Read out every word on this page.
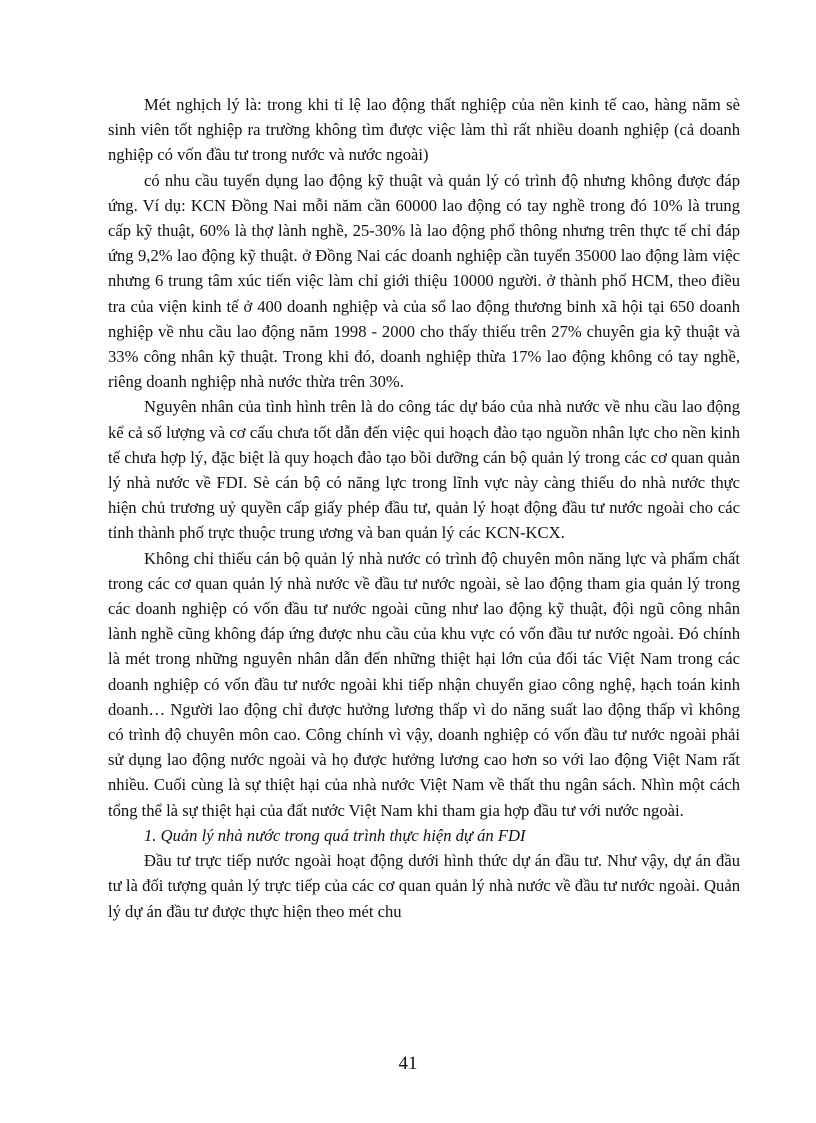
Mét nghịch lý là: trong khi tỉ lệ lao động thất nghiệp của nền kinh tế cao, hàng năm sè sinh viên tốt nghiệp ra trường không tìm được việc làm thì rất nhiều doanh nghiệp (cả doanh nghiệp có vốn đầu tư trong nước và nước ngoài)

có nhu cầu tuyển dụng lao động kỹ thuật và quản lý có trình độ nhưng không được đáp ứng. Ví dụ: KCN Đồng Nai mỗi năm cần 60000 lao động có tay nghề trong đó 10% là trung cấp kỹ thuật, 60% là thợ lành nghề, 25-30% là lao động phổ thông nhưng trên thực tế chỉ đáp ứng 9,2% lao động kỹ thuật. ở Đồng Nai các doanh nghiệp cần tuyển 35000 lao động làm việc nhưng 6 trung tâm xúc tiến việc làm chỉ giới thiệu 10000 người. ở thành phố HCM, theo điều tra của viện kinh tế ở 400 doanh nghiệp và của sổ lao động thương binh xã hội tại 650 doanh nghiệp về nhu cầu lao động năm 1998 - 2000 cho thấy thiếu trên 27% chuyên gia kỹ thuật và 33% công nhân kỹ thuật. Trong khi đó, doanh nghiệp thừa 17% lao động không có tay nghề, riêng doanh nghiệp nhà nước thừa trên 30%.

Nguyên nhân của tình hình trên là do công tác dự báo của nhà nước về nhu cầu lao động kể cả số lượng và cơ cấu chưa tốt dẫn đến việc qui hoạch đào tạo nguồn nhân lực cho nền kinh tế chưa hợp lý, đặc biệt là quy hoạch đào tạo bồi dưỡng cán bộ quản lý trong các cơ quan quản lý nhà nước về FDI. Sè cán bộ có năng lực trong lĩnh vực này càng thiếu do nhà nước thực hiện chủ trương uỷ quyền cấp giấy phép đầu tư, quản lý hoạt động đầu tư nước ngoài cho các tỉnh thành phố trực thuộc trung ương và ban quản lý các KCN-KCX.

Không chỉ thiếu cán bộ quản lý nhà nước có trình độ chuyên môn năng lực và phẩm chất trong các cơ quan quản lý nhà nước về đầu tư nước ngoài, sè lao động tham gia quản lý trong các doanh nghiệp có vốn đầu tư nước ngoài cũng như lao động kỹ thuật, đội ngũ công nhân lành nghề cũng không đáp ứng được nhu cầu của khu vực có vốn đầu tư nước ngoài. Đó chính là mét trong những nguyên nhân dẫn đến những thiệt hại lớn của đối tác Việt Nam trong các doanh nghiệp có vốn đầu tư nước ngoài khi tiếp nhận chuyển giao công nghệ, hạch toán kinh doanh… Người lao động chỉ được hưởng lương thấp vì do năng suất lao động thấp vì không có trình độ chuyên môn cao. Công chính vì vậy, doanh nghiệp có vốn đầu tư nước ngoài phải sử dụng lao động nước ngoài và họ được hưởng lương cao hơn so với lao động Việt Nam rất nhiều. Cuối cùng là sự thiệt hại của nhà nước Việt Nam về thất thu ngân sách. Nhìn một cách tổng thể là sự thiệt hại của đất nước Việt Nam khi tham gia hợp đầu tư với nước ngoài.

1. Quản lý nhà nước trong quá trình thực hiện dự án FDI

Đầu tư trực tiếp nước ngoài hoạt động dưới hình thức dự án đầu tư. Như vậy, dự án đầu tư là đối tượng quản lý trực tiếp của các cơ quan quản lý nhà nước về đầu tư nước ngoài. Quản lý dự án đầu tư được thực hiện theo mét chu

41
